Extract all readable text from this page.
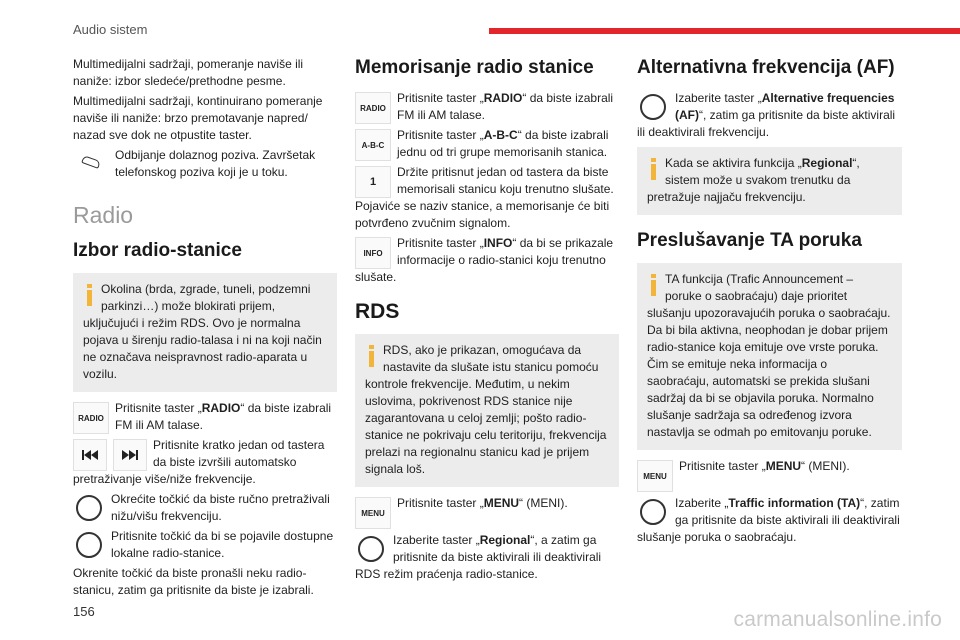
Audio sistem

Multimedijalni sadržaji, pomeranje naviše ili naniže: izbor sledeće/prethodne pesme.

Multimedijalni sadržaji, kontinuirano pomeranje naviše ili naniže: brzo premotavanje napred/ nazad sve dok ne otpustite taster.

Odbijanje dolaznog poziva. Završetak telefonskog poziva koji je u toku.
Radio
Izbor radio-stanice
Okolina (brda, zgrade, tuneli, podzemni parkinzi…) može blokirati prijem, uključujući i režim RDS. Ovo je normalna pojava u širenju radio-talasa i ni na koji način ne označava neispravnost radio-aparata u vozilu.
RADIO
Pritisnite taster „RADIO“ da biste izabrali FM ili AM talase.
Pritisnite kratko jedan od tastera da biste izvršili automatsko pretraživanje više/niže frekvencije.
Okrećite točkić da biste ručno pretraživali nižu/višu frekvenciju.
Pritisnite točkić da bi se pojavile dostupne lokalne radio-stanice.

Okrenite točkić da biste pronašli neku radio-stanicu, zatim ga pritisnite da biste je izabrali.

Memorisanje radio stanice
RADIO
Pritisnite taster „RADIO“ da biste izabrali FM ili AM talase.
A-B-C
Pritisnite taster „A-B-C“ da biste izabrali jednu od tri grupe memorisanih stanica.
1
Držite pritisnut jedan od tastera da biste memorisali stanicu koju trenutno slušate. Pojaviće se naziv stanice, a memorisanje će biti potvrđeno zvučnim signalom.
INFO
Pritisnite taster „INFO“ da bi se prikazale informacije o radio-stanici koju trenutno slušate.
RDS
RDS, ako je prikazan, omogućava da nastavite da slušate istu stanicu pomoću kontrole frekvencije. Međutim, u nekim uslovima, pokrivenost RDS stanice nije zagarantovana u celoj zemlji; pošto radio-stanice ne pokrivaju celu teritoriju, frekvencija prelazi na regionalnu stanicu kad je prijem signala loš.
MENU
Pritisnite taster „MENU“ (MENI).
Izaberite taster „Regional“, a zatim ga pritisnite da biste aktivirali ili deaktivirali RDS režim praćenja radio-stanice.
Alternativna frekvencija (AF)
Izaberite taster „Alternative frequencies (AF)“, zatim ga pritisnite da biste aktivirali ili deaktivirali frekvenciju.
Kada se aktivira funkcija „Regional“, sistem može u svakom trenutku da pretražuje najjaču frekvenciju.
Preslušavanje TA poruka
TA funkcija (Trafic Announcement – poruke o saobraćaju) daje prioritet slušanju upozoravajućih poruka o saobraćaju. Da bi bila aktivna, neophodan je dobar prijem radio-stanice koja emituje ove vrste poruka. Čim se emituje neka informacija o saobraćaju, automatski se prekida slušani sadržaj da bi se objavila poruka. Normalno slušanje sadržaja sa određenog izvora nastavlja se odmah po emitovanju poruke.
MENU
Pritisnite taster „MENU“ (MENI).
Izaberite „Traffic information (TA)“, zatim ga pritisnite da biste aktivirali ili deaktivirali slušanje poruka o saobraćaju.
156	carmanualsonline.info
